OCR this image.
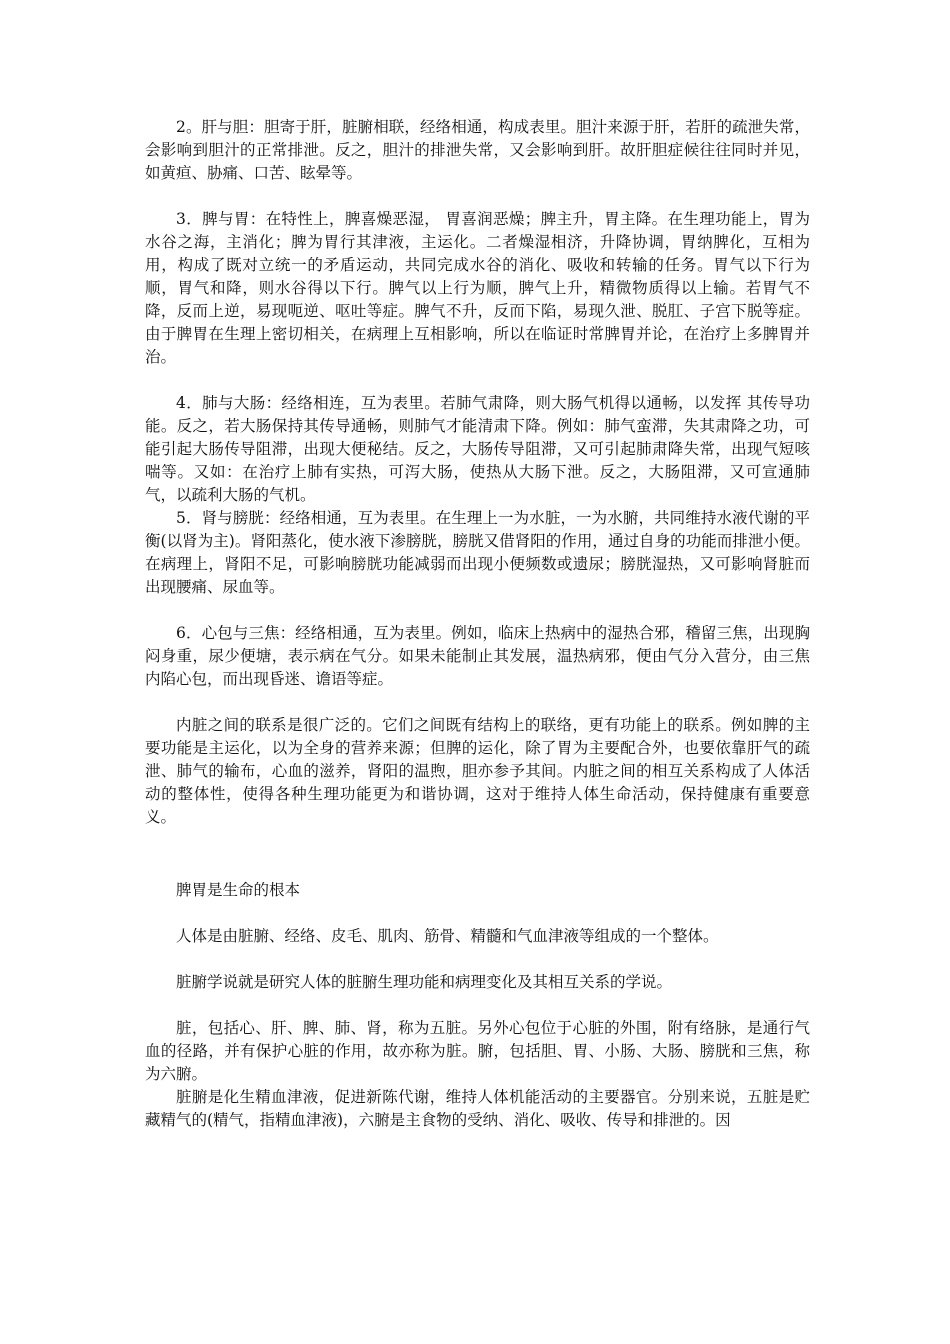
2。肝与胆：胆寄于肝，脏腑相联，经络相通，构成表里。胆汁来源于肝，若肝的疏泄失常，会影响到胆汁的正常排泄。反之，胆汁的排泄失常，又会影响到肝。故肝胆症候往往同时并见，如黄疸、胁痛、口苦、眩晕等。

3．脾与胃：在特性上，脾喜燥恶湿， 胃喜润恶燥；脾主升，胃主降。在生理功能上，胃为水谷之海，主消化；脾为胃行其津液，主运化。二者燥湿相济，升降协调，胃纳脾化，互相为用，构成了既对立统一的矛盾运动，共同完成水谷的消化、吸收和转输的任务。胃气以下行为顺，胃气和降，则水谷得以下行。脾气以上行为顺，脾气上升，精微物质得以上输。若胃气不降，反而上逆，易现呃逆、呕吐等症。脾气不升，反而下陷，易现久泄、脱肛、子宫下脱等症。由于脾胃在生理上密切相关，在病理上互相影响，所以在临证时常脾胃并论，在治疗上多脾胃并治。

4．肺与大肠：经络相连，互为表里。若肺气肃降，则大肠气机得以通畅，以发挥 其传导功能。反之，若大肠保持其传导通畅，则肺气才能清肃下降。例如：肺气蛮滞，失其肃降之功，可能引起大肠传导阻滞，出现大便秘结。反之，大肠传导阻滞，又可引起肺肃降失常，出现气短咳喘等。又如：在治疗上肺有实热，可泻大肠，使热从大肠下泄。反之，大肠阻滞，又可宣通肺气，以疏利大肠的气机。

5．肾与膀胱：经络相通，互为表里。在生理上一为水脏，一为水腑，共同维持水液代谢的平衡(以肾为主)。肾阳蒸化，使水液下渗膀胱，膀胱又借肾阳的作用，通过自身的功能而排泄小便。在病理上，肾阳不足，可影响膀胱功能减弱而出现小便频数或遗尿；膀胱湿热，又可影响肾脏而出现腰痛、尿血等。

6．心包与三焦：经络相通，互为表里。例如，临床上热病中的湿热合邪，稽留三焦，出现胸闷身重，尿少便塘，表示病在气分。如果未能制止其发展，温热病邪，便由气分入营分，由三焦内陷心包，而出现昏迷、谵语等症。

内脏之间的联系是很广泛的。它们之间既有结构上的联络，更有功能上的联系。例如脾的主要功能是主运化，以为全身的营养来源；但脾的运化，除了胃为主要配合外，也要依靠肝气的疏泄、肺气的输布，心血的滋养，肾阳的温煦，胆亦参予其间。内脏之间的相互关系构成了人体活动的整体性，使得各种生理功能更为和谐协调，这对于维持人体生命活动，保持健康有重要意义。

脾胃是生命的根本

人体是由脏腑、经络、皮毛、肌肉、筋骨、精髓和气血津液等组成的一个整体。

脏腑学说就是研究人体的脏腑生理功能和病理变化及其相互关系的学说。

脏，包括心、肝、脾、肺、肾，称为五脏。另外心包位于心脏的外围，附有络脉，是通行气血的径路，并有保护心脏的作用，故亦称为脏。腑，包括胆、胃、小肠、大肠、膀胱和三焦，称为六腑。

脏腑是化生精血津液，促进新陈代谢，维持人体机能活动的主要器官。分别来说，五脏是贮藏精气的(精气，指精血津液)，六腑是主食物的受纳、消化、吸收、传导和排泄的。因
